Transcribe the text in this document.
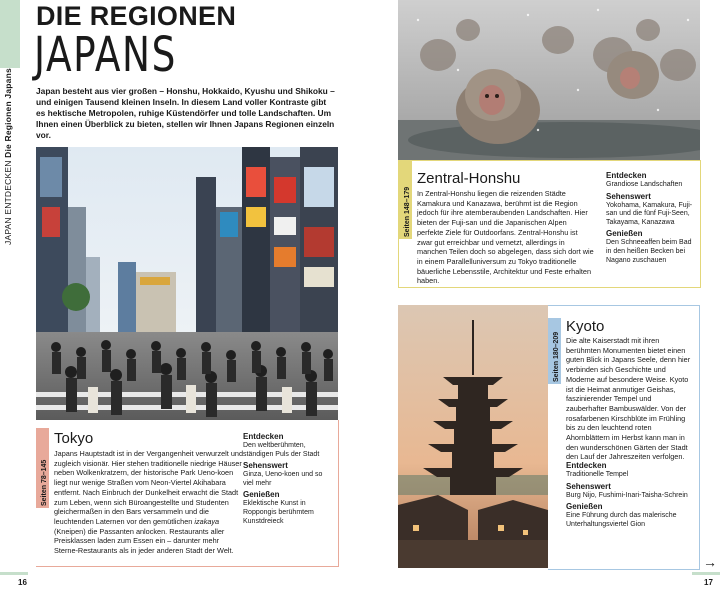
JAPAN ENTDECKEN Die Regionen Japans
DIE REGIONEN
JAPANS
Japan besteht aus vier großen – Honshu, Hokkaido, Kyushu und Shikoku – und einigen Tausend kleinen Inseln. In diesem Land voller Kontraste gibt es hektische Metropolen, ruhige Küstendörfer und tolle Landschaften. Um Ihnen einen Überblick zu bieten, stellen wir Ihnen Japans Regionen einzeln vor.
Seiten 78–145
Tokyo
Japans Hauptstadt ist in der Vergangenheit verwurzelt und zugleich visionär. Hier stehen traditionelle niedrige Häuser neben Wolkenkratzern, der historische Park Ueno-koen liegt nur wenige Straßen vom Neon-Viertel Akihabara entfernt. Nach Einbruch der Dunkelheit erwacht die Stadt zum Leben, wenn sich Büroangestellte und Studenten gleichermaßen in den Bars versammeln und die leuchtenden Laternen vor den gemütlichen izakaya (Kneipen) die Passanten anlocken. Restaurants aller Preisklassen laden zum Essen ein – darunter mehr Sterne-Restaurants als in jeder anderen Stadt der Welt.
Entdecken

Den weltberühmten, ständigen Puls der Stadt

Sehenswert

Ginza, Ueno-koen und so viel mehr

Genießen

Eklektische Kunst in Roppongis berühmtem Kunstdreieck

Seiten 148–179
Zentral-Honshu
In Zentral-Honshu liegen die reizenden Städte Kamakura und Kanazawa, berühmt ist die Region jedoch für ihre atemberaubenden Landschaften. Hier bieten der Fuji-san und die Japanischen Alpen perfekte Ziele für Outdoorfans. Zentral-Honshu ist zwar gut erreichbar und vernetzt, allerdings in manchen Teilen doch so abgelegen, dass sich dort wie in einem Parallelluniversum zu Tokyo traditionelle bäuerliche Lebensstile, Architektur und Feste erhalten haben.
Entdecken

Grandiose Landschaften

Sehenswert

Yokohama, Kamakura, Fuji-san und die fünf Fuji-Seen, Takayama, Kanazawa

Genießen

Den Schneeaffen beim Bad in den heißen Becken bei Nagano zuschauen

Seiten 180–209
Kyoto
Die alte Kaiserstadt mit ihren berühmten Monumenten bietet einen guten Blick in Japans Seele, denn hier verbinden sich Geschichte und Moderne auf besondere Weise. Kyoto ist die Heimat anmutiger Geishas, faszinierender Tempel und zauberhafter Bambuswälder. Von der rosafarbenen Kirschblüte im Frühling bis zu den leuchtend roten Ahornblättern im Herbst kann man in den wunderschönen Gärten der Stadt den Lauf der Jahreszeiten verfolgen.
Entdecken

Traditionelle Tempel

Sehenswert

Burg Nijo, Fushimi-Inari-Taisha-Schrein

Genießen

Eine Führung durch das malerische Unterhaltungsviertel Gion

16	17
→
